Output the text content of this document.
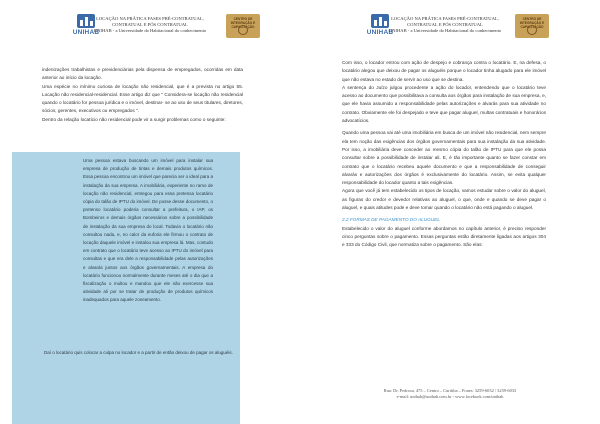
UNIHAB
LOCAÇÃO NA PRÁTICA FASES PRÉ-CONTRATUAL,
CONTRATUAL E PÓS CONTRATUAL
UNIHAB - a Universidade do Habitacional do conhecimento
CENTRO DE INTEGRAÇÃO E CAPACITAÇÃO

indenizações trabalhistas e previdenciárias pela dispensa de empregados, ocorridas em data anterior ao início da locação.

Uma espécie no mínimo curiosa de locação não residencial, que é a prevista no artigo 55. Locação não residencial-residencial. Esse artigo diz que " Considera-se locação não residencial quando o locatário for pessoa jurídica e o imóvel, destinar- se ao uso de seus titulares, diretores, sócios, gerentes, executivos ou empregados ".

Dentro da relação locatício não residencial pode vir a surgir problemas como o seguinte:

Uma pessoa estava buscando um imóvel para instalar sua empresa de produção de tintas e demais produtos químicos. Essa pessoa encontrou um imóvel que parecia ser o ideal para a instalação da sua empresa. A imobiliária, experiente no ramo de locação não residencial, entregou para essa pretensa locatário cópia do talão de IPTU do imóvel. De posse desse documento, o pretenso locatário poderia consultar a prefeitura, o IAP, os Bombeiros e demais órgãos necessários sobre a possibilidade de instalação da sua empresa do local. Todavia o locatário não consultou nada, e, no calor da euforia ele firmou o contrato de locação daquele imóvel e instalou sua empresa lá. Mas, contudo em contrato que o locatário teve acesso ao IPTU do imóvel para consultas e que era dele a responsabilidade pelas autorizações e alvarás juntos aos órgãos governamentais. A empresa do locatário funcionou normalmente durante meses até o dia que a fiscalização o multou e mandou que ele não exercesse sua atividade ali por se tratar de produção de produtos químicos inadequados para aquele zoneamento.

Daí o locatário quis colocar a culpa no locador e a partir de então deixou de pagar os aluguéis.
UNIHAB
LOCAÇÃO NA PRÁTICA FASES PRÉ-CONTRATUAL,
CONTRATUAL E PÓS CONTRATUAL
UNIHAB - a Universidade do Habitacional do conhecimento
CENTRO DE INTEGRAÇÃO E CAPACITAÇÃO

Com isso, o locador entrou com ação de despejo e cobrança contra o locatário. E, na defesa, o locatário alegou que deixou de pagar os aluguéis porque o locador tinha alugado para ele imóvel que não estava no estado de servir ao uso que se destina.

A sentença do Juízo julgou procedente a ação do locador, entendendo que o locatário teve acesso ao documento que possibilitava a consulta aos órgãos para instalação de sua empresa, e, que ele havia assumido a responsabilidade pelas autorizações e alvarás para sua atividade no contrato. Obviamente ele foi despejado e teve que pagar aluguel, multas contratuais e honorários advocatícios.

Quando uma pessoa vai até uma imobiliária em busca de um imóvel não residencial, nem sempre ela tem noção das exigências dos órgãos governamentais para sua instalação da sua atividade. Por isso, a imobiliária deve conceder ao mesmo cópia do talão de IPTU para que ele possa consultar sobre a possibilidade de instalar ali. E, é tão importante quanto se fazer constar em contrato que o locatário recebeu aquele documento e que a responsabilidade de conseguir alvarás e autorizações dos órgãos é exclusivamente do locatário. Assim, se evita qualquer responsabilidade do locador quanto a tais exigências.

Agora que você já tem estabelecido os tipos de locação, vamos estudar sobre o valor do aluguel, as figuras do credor e devedor relativas ao aluguel, o que, onde e quando se deve pagar o aluguel, e quais atitudes pode e deve tomar quando o locatário não está pagando o aluguel.

2.2 FORMAS DE PAGAMENTO DO ALUGUEL

Estabelecido o valor do aluguel conforme abordamos no capítulo anterior, é preciso responder cinco perguntas sobre o pagamento. Essas perguntas estão diretamente ligadas aos artigos 304 e 333 do Código Civil, que normatiza sobre o pagamento. São elas:

Rua: Dr. Pedrosa, 475 – Centro – Curitiba – Fones: 3259-6032 / 3259-6033
e-mail: unihab@unihab.com.br - www.facebook.com/unihab
